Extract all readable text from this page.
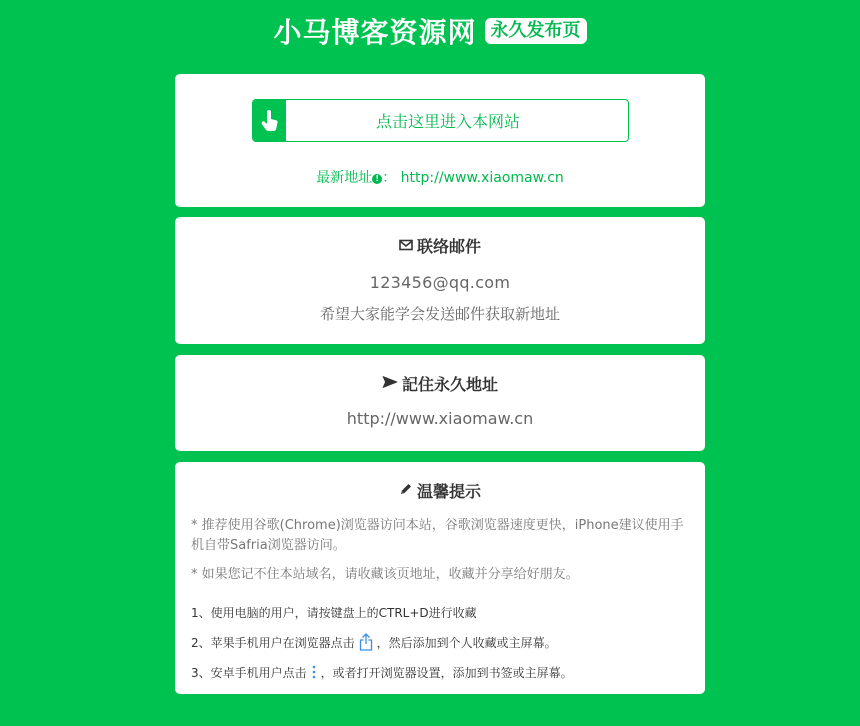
小马博客资源网 永久发布页
点击这里进入本网站
最新地址 ! ： http://www.xiaomaw.cn
联络邮件
123456@qq.com
希望大家能学会发送邮件获取新地址
記住永久地址
http://www.xiaomaw.cn
温馨提示

* 推荐使用谷歌(Chrome)浏览器访问本站，谷歌浏览器速度更快，iPhone建议使用手机自带Safria浏览器访问。

* 如果您记不住本站域名，请收藏该页地址，收藏并分享给好朋友。

1、使用电脑的用户，请按键盘上的CTRL+D进行收藏
2、苹果手机用户在浏览器点击 ，然后添加到个人收藏或主屏幕。
3、安卓手机用户点击 ，或者打开浏览器设置，添加到书签或主屏幕。
